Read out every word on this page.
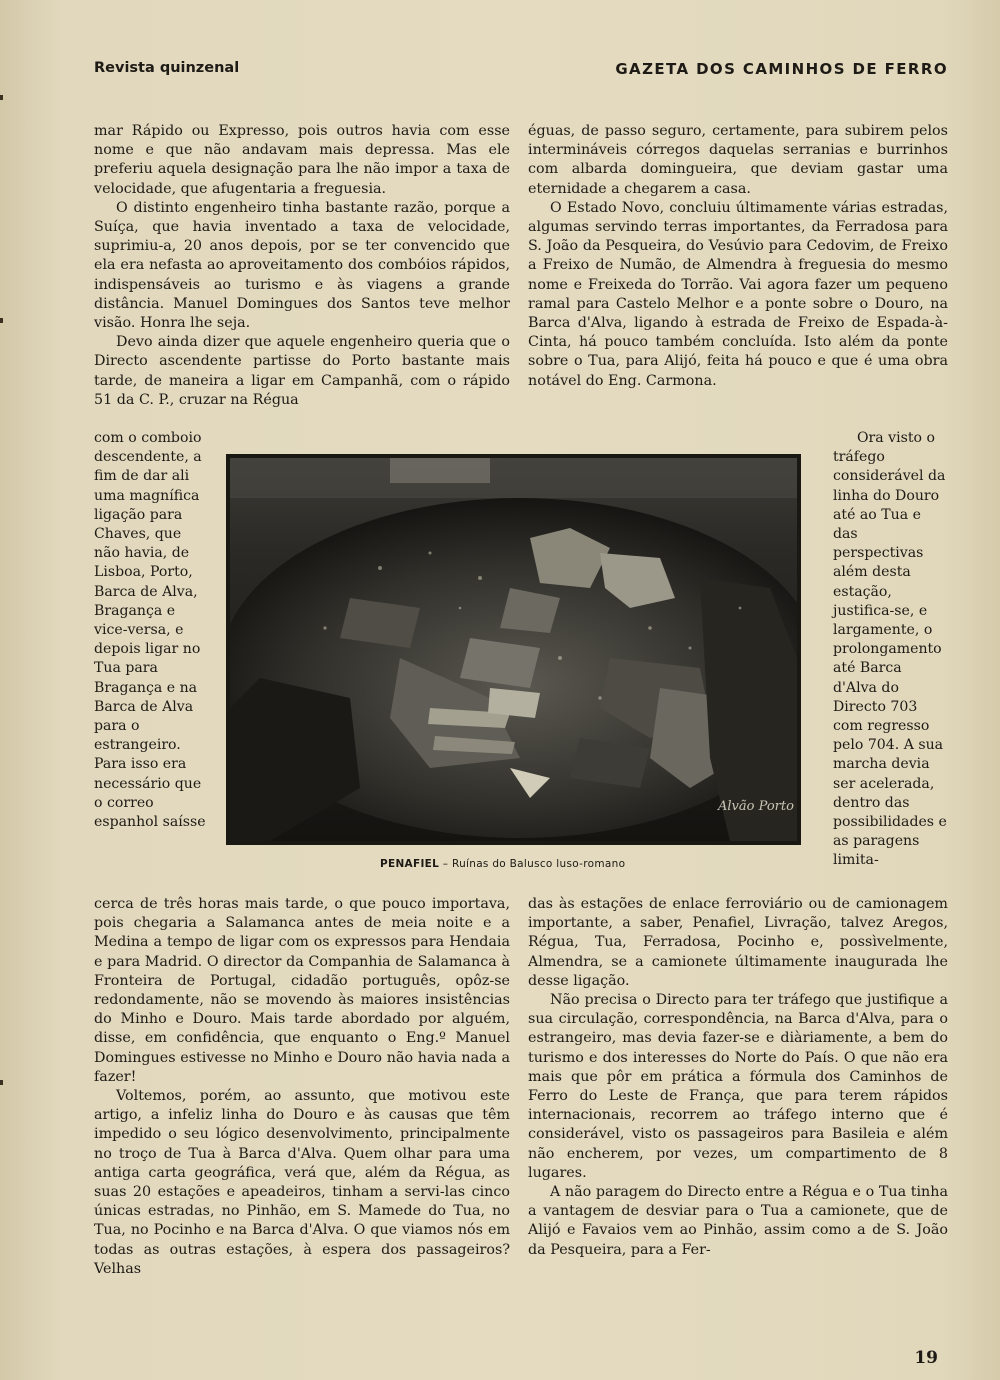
Revista quinzenal	GAZETA DOS CAMINHOS DE FERRO

mar Rápido ou Expresso, pois outros havia com esse nome e que não andavam mais depressa. Mas ele preferiu aquela designação para lhe não impor a taxa de velocidade, que afugentaria a freguesia.

O distinto engenheiro tinha bastante razão, porque a Suíça, que havia inventado a taxa de velocidade, suprimiu-a, 20 anos depois, por se ter convencido que ela era nefasta ao aproveitamento dos combóios rápidos, indispensáveis ao turismo e às viagens a grande distância. Manuel Domingues dos Santos teve melhor visão. Honra lhe seja.

Devo ainda dizer que aquele engenheiro queria que o Directo ascendente partisse do Porto bastante mais tarde, de maneira a ligar em Campanhã, com o rápido 51 da C. P., cruzar na Régua

com o comboio descendente, a fim de dar ali uma magnífica ligação para Chaves, que não havia, de Lisboa, Porto, Barca de Alva, Bragança e vice-versa, e depois ligar no Tua para Bragança e na Barca de Alva para o estrangeiro. Para isso era necessário que o correo espanhol saísse

éguas, de passo seguro, certamente, para subirem pelos intermináveis córregos daquelas serranias e burrinhos com albarda domingueira, que deviam gastar uma eternidade a chegarem a casa.

O Estado Novo, concluiu últimamente várias estradas, algumas servindo terras importantes, da Ferradosa para S. João da Pesqueira, do Vesúvio para Cedovim, de Freixo a Freixo de Numão, de Almendra à freguesia do mesmo nome e Freixeda do Torrão. Vai agora fazer um pequeno ramal para Castelo Melhor e a ponte sobre o Douro, na Barca d'Alva, ligando à estrada de Freixo de Espada-à-Cinta, há pouco também concluída. Isto além da ponte sobre o Tua, para Alijó, feita há pouco e que é uma obra notável do Eng. Carmona.

Ora visto o tráfego considerável da linha do Douro até ao Tua e das perspectivas além desta estação, justifica-se, e largamente, o prolongamento até Barca d'Alva do Directo 703 com regresso pelo 704. A sua marcha devia ser acelerada, dentro das possibilidades e as paragens limita-

Alvão Porto
PENAFIEL – Ruínas do Balusco luso-romano

cerca de três horas mais tarde, o que pouco importava, pois chegaria a Salamanca antes de meia noite e a Medina a tempo de ligar com os expressos para Hendaia e para Madrid. O director da Companhia de Salamanca à Fronteira de Portugal, cidadão português, opôz-se redondamente, não se movendo às maiores insistências do Minho e Douro. Mais tarde abordado por alguém, disse, em confidência, que enquanto o Eng.º Manuel Domingues estivesse no Minho e Douro não havia nada a fazer!

Voltemos, porém, ao assunto, que motivou este artigo, a infeliz linha do Douro e às causas que têm impedido o seu lógico desenvolvimento, principalmente no troço de Tua à Barca d'Alva. Quem olhar para uma antiga carta geográfica, verá que, além da Régua, as suas 20 estações e apeadeiros, tinham a servi-las cinco únicas estradas, no Pinhão, em S. Mamede do Tua, no Tua, no Pocinho e na Barca d'Alva. O que viamos nós em todas as outras estações, à espera dos passageiros? Velhas

das às estações de enlace ferroviário ou de camionagem importante, a saber, Penafiel, Livração, talvez Aregos, Régua, Tua, Ferradosa, Pocinho e, possìvelmente, Almendra, se a camionete últimamente inaugurada lhe desse ligação.

Não precisa o Directo para ter tráfego que justifique a sua circulação, correspondência, na Barca d'Alva, para o estrangeiro, mas devia fazer-se e diàriamente, a bem do turismo e dos interesses do Norte do País. O que não era mais que pôr em prática a fórmula dos Caminhos de Ferro do Leste de França, que para terem rápidos internacionais, recorrem ao tráfego interno que é considerável, visto os passageiros para Basileia e além não encherem, por vezes, um compartimento de 8 lugares.

A não paragem do Directo entre a Régua e o Tua tinha a vantagem de desviar para o Tua a camionete, que de Alijó e Favaios vem ao Pinhão, assim como a de S. João da Pesqueira, para a Fer-

19
